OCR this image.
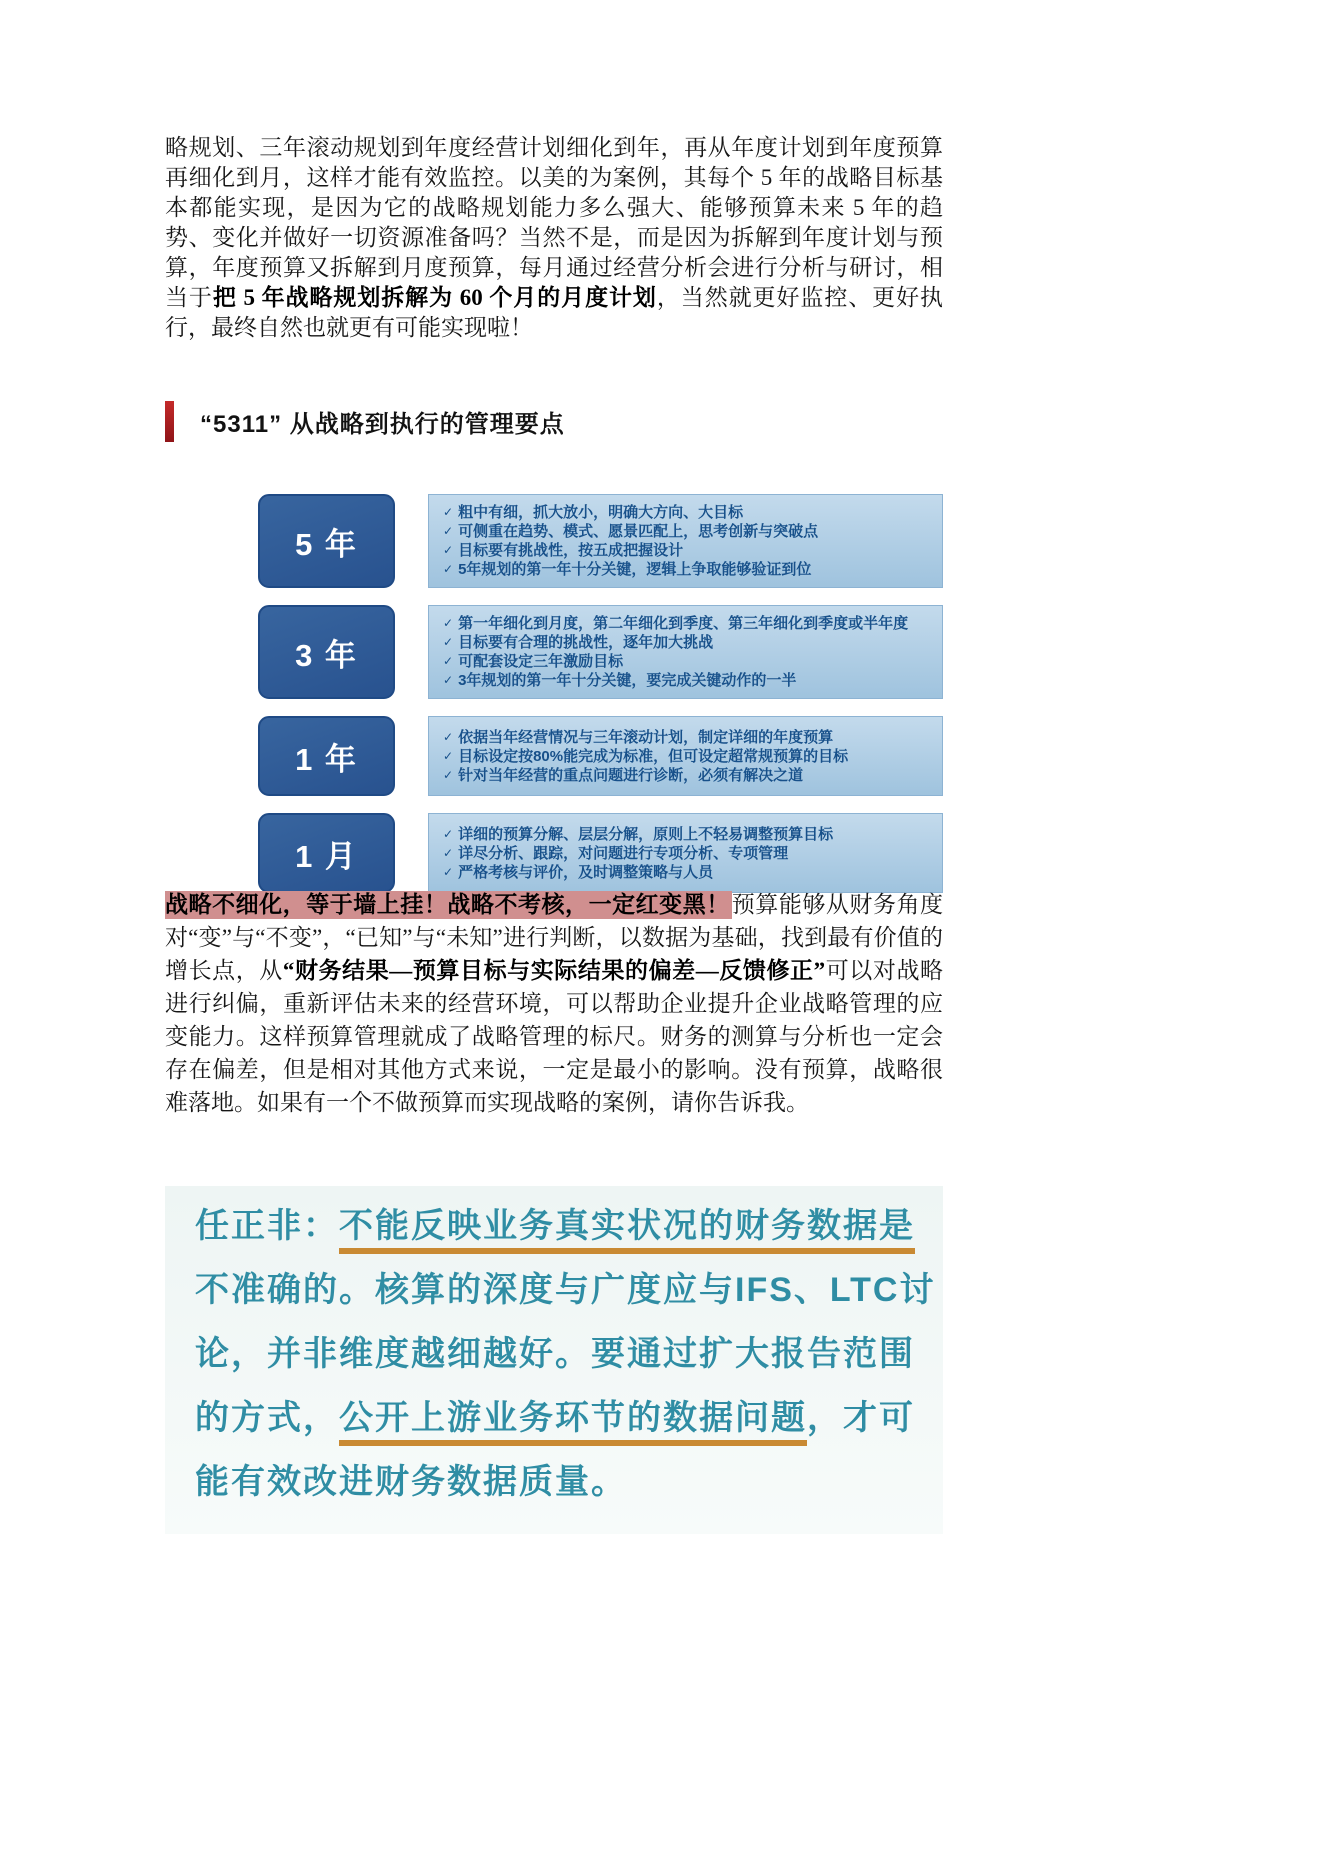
略规划、三年滚动规划到年度经营计划细化到年，再从年度计划到年度预算再细化到月，这样才能有效监控。以美的为案例，其每个 5 年的战略目标基本都能实现，是因为它的战略规划能力多么强大、能够预算未来 5 年的趋势、变化并做好一切资源准备吗？当然不是，而是因为拆解到年度计划与预算，年度预算又拆解到月度预算，每月通过经营分析会进行分析与研讨，相当于把 5 年战略规划拆解为 60 个月的月度计划，当然就更好监控、更好执行，最终自然也就更有可能实现啦！

“5311” 从战略到执行的管理要点
5 年
✓ 粗中有细，抓大放小，明确大方向、大目标
✓ 可侧重在趋势、模式、愿景匹配上，思考创新与突破点
✓ 目标要有挑战性，按五成把握设计
✓ 5年规划的第一年十分关键，逻辑上争取能够验证到位
3 年
✓ 第一年细化到月度，第二年细化到季度、第三年细化到季度或半年度
✓ 目标要有合理的挑战性，逐年加大挑战
✓ 可配套设定三年激励目标
✓ 3年规划的第一年十分关键，要完成关键动作的一半
1 年
✓ 依据当年经营情况与三年滚动计划，制定详细的年度预算
✓ 目标设定按80%能完成为标准，但可设定超常规预算的目标
✓ 针对当年经营的重点问题进行诊断，必须有解决之道
1 月
✓ 详细的预算分解、层层分解，原则上不轻易调整预算目标
✓ 详尽分析、跟踪，对问题进行专项分析、专项管理
✓ 严格考核与评价，及时调整策略与人员

战略不细化，等于墙上挂！战略不考核，一定红变黑！预算能够从财务角度对“变”与“不变”，“已知”与“未知”进行判断，以数据为基础，找到最有价值的增长点，从“财务结果—预算目标与实际结果的偏差—反馈修正”可以对战略进行纠偏，重新评估未来的经营环境，可以帮助企业提升企业战略管理的应变能力。这样预算管理就成了战略管理的标尺。财务的测算与分析也一定会存在偏差，但是相对其他方式来说，一定是最小的影响。没有预算，战略很难落地。如果有一个不做预算而实现战略的案例，请你告诉我。

任正非：不能反映业务真实状况的财务数据是
不准确的。核算的深度与广度应与IFS、LTC讨
论，并非维度越细越好。要通过扩大报告范围
的方式，公开上游业务环节的数据问题，才可
能有效改进财务数据质量。
